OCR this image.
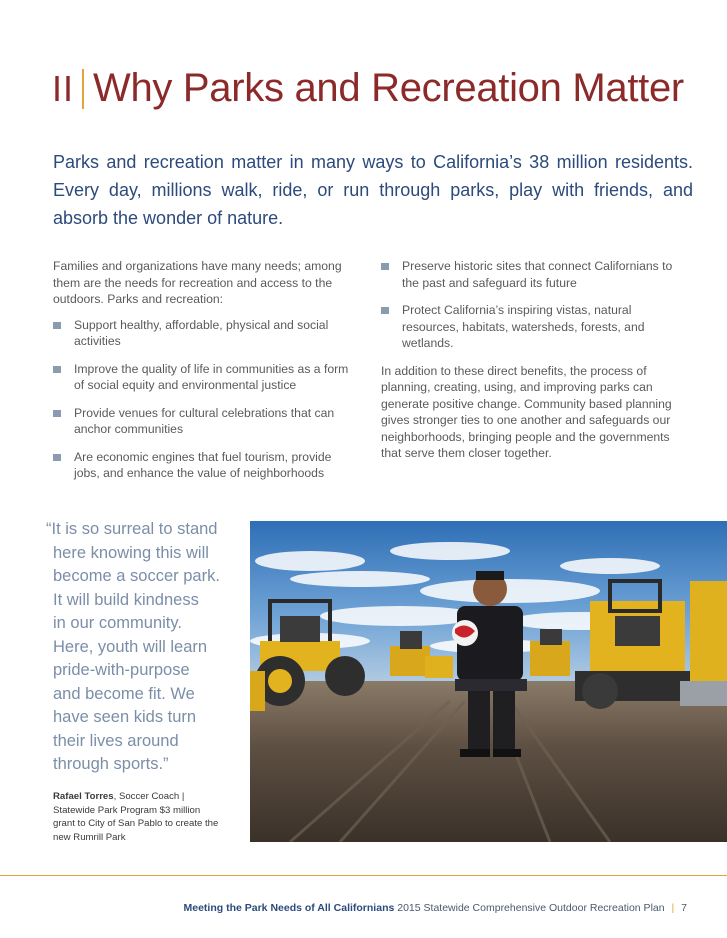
II Why Parks and Recreation Matter

Parks and recreation matter in many ways to California’s 38 million residents. Every day, millions walk, ride, or run through parks, play with friends, and absorb the wonder of nature.

Families and organizations have many needs; among them are the needs for recreation and access to the outdoors. Parks and recreation:

Support healthy, affordable, physical and social activities
Improve the quality of life in communities as a form of social equity and environmental justice
Provide venues for cultural celebrations that can anchor communities
Are economic engines that fuel tourism, provide jobs, and enhance the value of neighborhoods
Preserve historic sites that connect Californians to the past and safeguard its future
Protect California’s inspiring vistas, natural resources, habitats, watersheds, forests, and wetlands.

In addition to these direct benefits, the process of planning, creating, using, and improving parks can generate positive change. Community based planning gives stronger ties to one another and safeguards our neighborhoods, bringing people and the governments that serve them closer together.

“It is so surreal to stand
here knowing this will
become a soccer park.
It will build kindness
in our community.
Here, youth will learn
pride-with-purpose
and become fit. We
have seen kids turn
their lives around
through sports.”
Rafael Torres, Soccer Coach |
Statewide Park Program $3 million grant to City of San Pablo to create the new Rumrill Park
Meeting the Park Needs of All Californians 2015 Statewide Comprehensive Outdoor Recreation Plan | 7
